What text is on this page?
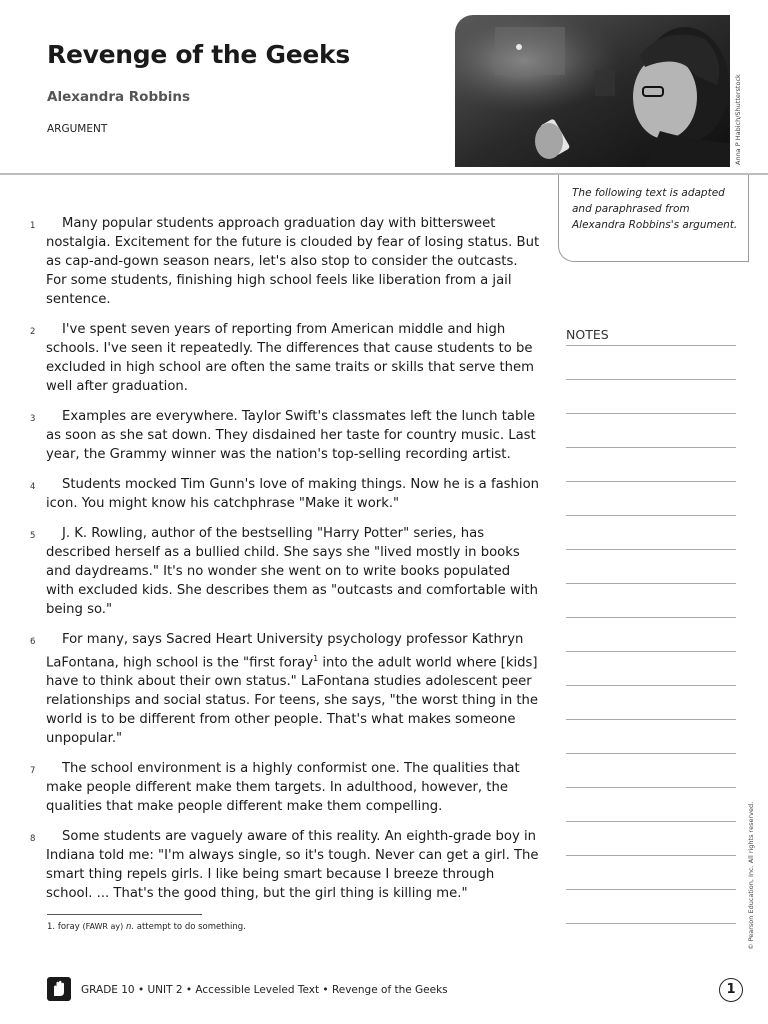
Revenge of the Geeks
Alexandra Robbins
ARGUMENT	Anna P Habich/Shutterstock
The following text is adapted and paraphrased from Alexandra Robbins's argument.
1	Many popular students approach graduation day with bittersweet nostalgia. Excitement for the future is clouded by fear of losing status. But as cap-and-gown season nears, let's also stop to consider the outcasts. For some students, finishing high school feels like liberation from a jail sentence.
2	I've spent seven years of reporting from American middle and high schools. I've seen it repeatedly. The differences that cause students to be excluded in high school are often the same traits or skills that serve them well after graduation.
3	Examples are everywhere. Taylor Swift's classmates left the lunch table as soon as she sat down. They disdained her taste for country music. Last year, the Grammy winner was the nation's top-selling recording artist.
4	Students mocked Tim Gunn's love of making things. Now he is a fashion icon. You might know his catchphrase "Make it work."
5	J. K. Rowling, author of the bestselling "Harry Potter" series, has described herself as a bullied child. She says she "lived mostly in books and daydreams." It's no wonder she went on to write books populated with excluded kids. She describes them as "outcasts and comfortable with being so."
6	For many, says Sacred Heart University psychology professor Kathryn LaFontana, high school is the "first foray$^1$ into the adult world where [kids] have to think about their own status." LaFontana studies adolescent peer relationships and social status. For teens, she says, "the worst thing in the world is to be different from other people. That's what makes someone unpopular."
7	The school environment is a highly conformist one. The qualities that make people different make them targets. In adulthood, however, the qualities that make people different make them compelling.
8	Some students are vaguely aware of this reality. An eighth-grade boy in Indiana told me: "I'm always single, so it's tough. Never can get a girl. The smart thing repels girls. I like being smart because I breeze through school. ... That's the good thing, but the girl thing is killing me."
1. foray (FAWR ay) n. attempt to do something.
NOTES
© Pearson Education, Inc. All rights reserved.
GRADE 10 • UNIT 2 • Accessible Leveled Text • Revenge of the Geeks	1
